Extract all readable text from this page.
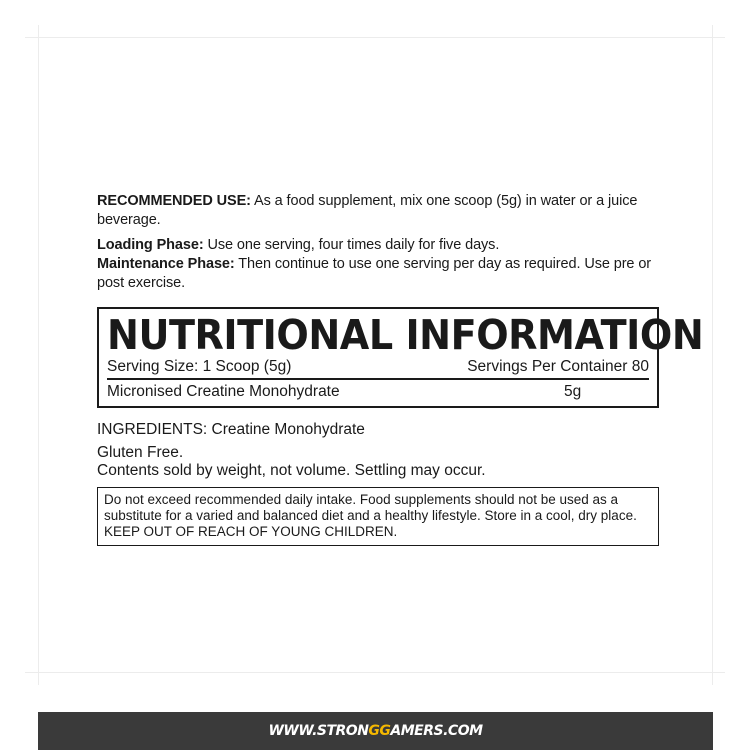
RECOMMENDED USE: As a food supplement, mix one scoop (5g) in water or a juice beverage.

Loading Phase: Use one serving, four times daily for five days.

Maintenance Phase: Then continue to use one serving per day as required. Use pre or post exercise.

NUTRITIONAL INFORMATION

Serving Size: 1 Scoop (5g)	Servings Per Container 80
Micronised Creatine Monohydrate	5g
INGREDIENTS: Creatine Monohydrate
Gluten Free.
Contents sold by weight, not volume. Settling may occur.
Do not exceed recommended daily intake. Food supplements should not be used as a substitute for a varied and balanced diet and a healthy lifestyle. Store in a cool, dry place. KEEP OUT OF REACH OF YOUNG CHILDREN.
WWW.STRONGGAMERS.COM
